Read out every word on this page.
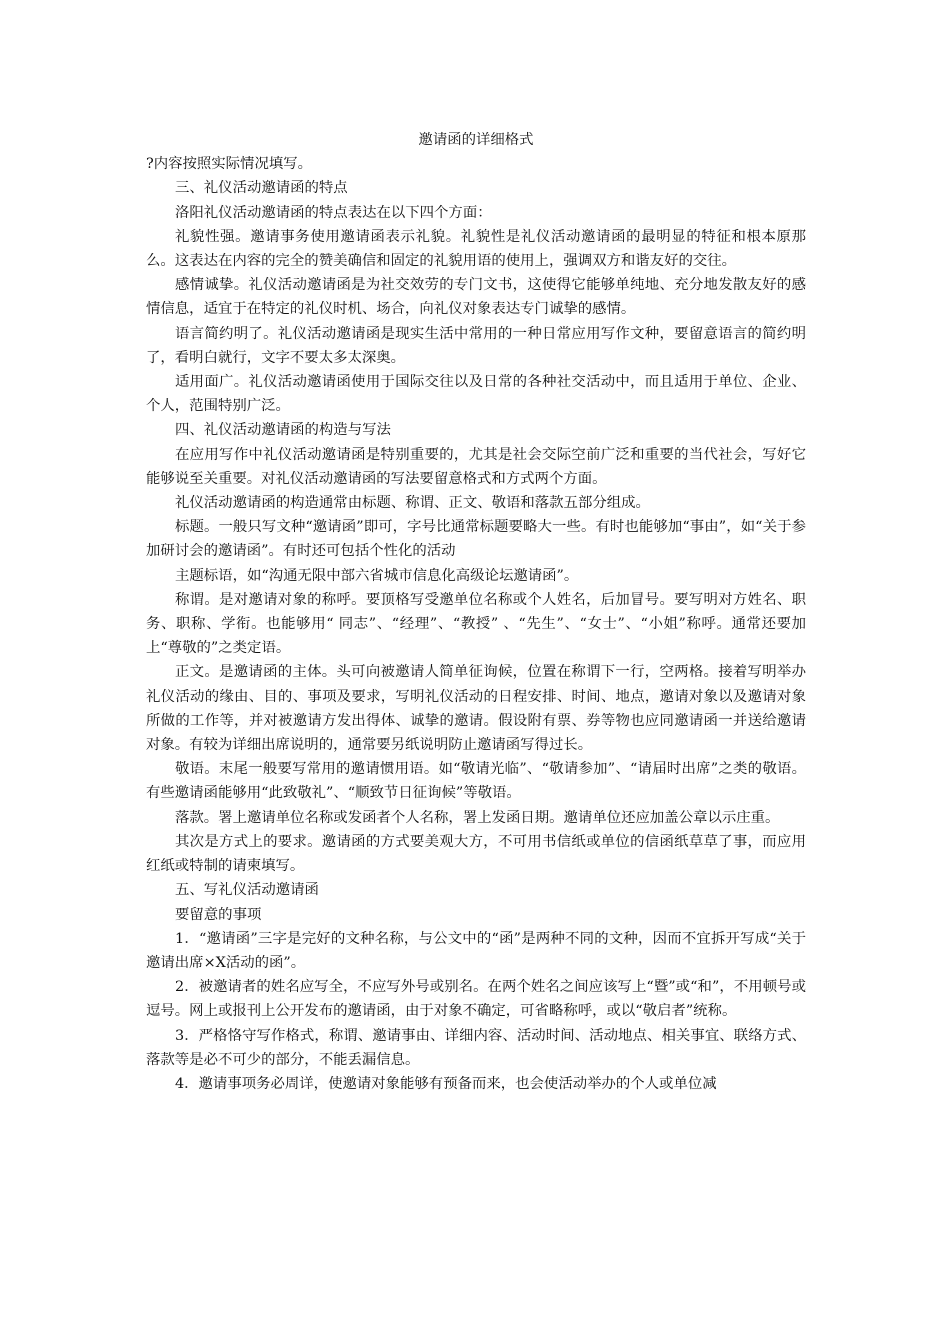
邀请函的详细格式

?内容按照实际情况填写。

三、礼仪活动邀请函的特点

洛阳礼仪活动邀请函的特点表达在以下四个方面：

礼貌性强。邀请事务使用邀请函表示礼貌。礼貌性是礼仪活动邀请函的最明显的特征和根本原那么。这表达在内容的完全的赞美确信和固定的礼貌用语的使用上，强调双方和谐友好的交往。

感情诚挚。礼仪活动邀请函是为社交效劳的专门文书，这使得它能够单纯地、充分地发散友好的感情信息，适宜于在特定的礼仪时机、场合，向礼仪对象表达专门诚挚的感情。

语言简约明了。礼仪活动邀请函是现实生活中常用的一种日常应用写作文种，要留意语言的简约明了，看明白就行，文字不要太多太深奥。

适用面广。礼仪活动邀请函使用于国际交往以及日常的各种社交活动中，而且适用于单位、企业、个人，范围特别广泛。

四、礼仪活动邀请函的构造与写法

在应用写作中礼仪活动邀请函是特别重要的，尤其是社会交际空前广泛和重要的当代社会，写好它能够说至关重要。对礼仪活动邀请函的写法要留意格式和方式两个方面。

礼仪活动邀请函的构造通常由标题、称谓、正文、敬语和落款五部分组成。

标题。一般只写文种“邀请函”即可，字号比通常标题要略大一些。有时也能够加“事由”，如“关于参加研讨会的邀请函”。有时还可包括个性化的活动

主题标语，如“沟通无限中部六省城市信息化高级论坛邀请函”。

称谓。是对邀请对象的称呼。要顶格写受邀单位名称或个人姓名，后加冒号。要写明对方姓名、职务、职称、学衔。也能够用“ 同志”、“经理”、“教授” 、“先生”、“女士”、“小姐”称呼。通常还要加上“尊敬的”之类定语。

正文。是邀请函的主体。头可向被邀请人简单征询候，位置在称谓下一行，空两格。接着写明举办礼仪活动的缘由、目的、事项及要求，写明礼仪活动的日程安排、时间、地点，邀请对象以及邀请对象所做的工作等，并对被邀请方发出得体、诚挚的邀请。假设附有票、券等物也应同邀请函一并送给邀请对象。有较为详细出席说明的，通常要另纸说明防止邀请函写得过长。

敬语。末尾一般要写常用的邀请惯用语。如“敬请光临”、“敬请参加”、“请届时出席”之类的敬语。有些邀请函能够用“此致敬礼”、“顺致节日征询候”等敬语。

落款。署上邀请单位名称或发函者个人名称，署上发函日期。邀请单位还应加盖公章以示庄重。

其次是方式上的要求。邀请函的方式要美观大方，不可用书信纸或单位的信函纸草草了事，而应用红纸或特制的请柬填写。

五、写礼仪活动邀请函

要留意的事项

1．“邀请函”三字是完好的文种名称，与公文中的“函”是两种不同的文种，因而不宜拆开写成“关于邀请出席×X活动的函”。

2．被邀请者的姓名应写全，不应写外号或别名。在两个姓名之间应该写上“暨”或“和”，不用顿号或逗号。网上或报刊上公开发布的邀请函，由于对象不确定，可省略称呼，或以“敬启者”统称。

3．严格恪守写作格式，称谓、邀请事由、详细内容、活动时间、活动地点、相关事宜、联络方式、落款等是必不可少的部分，不能丢漏信息。

4．邀请事项务必周详，使邀请对象能够有预备而来，也会使活动举办的个人或单位减
